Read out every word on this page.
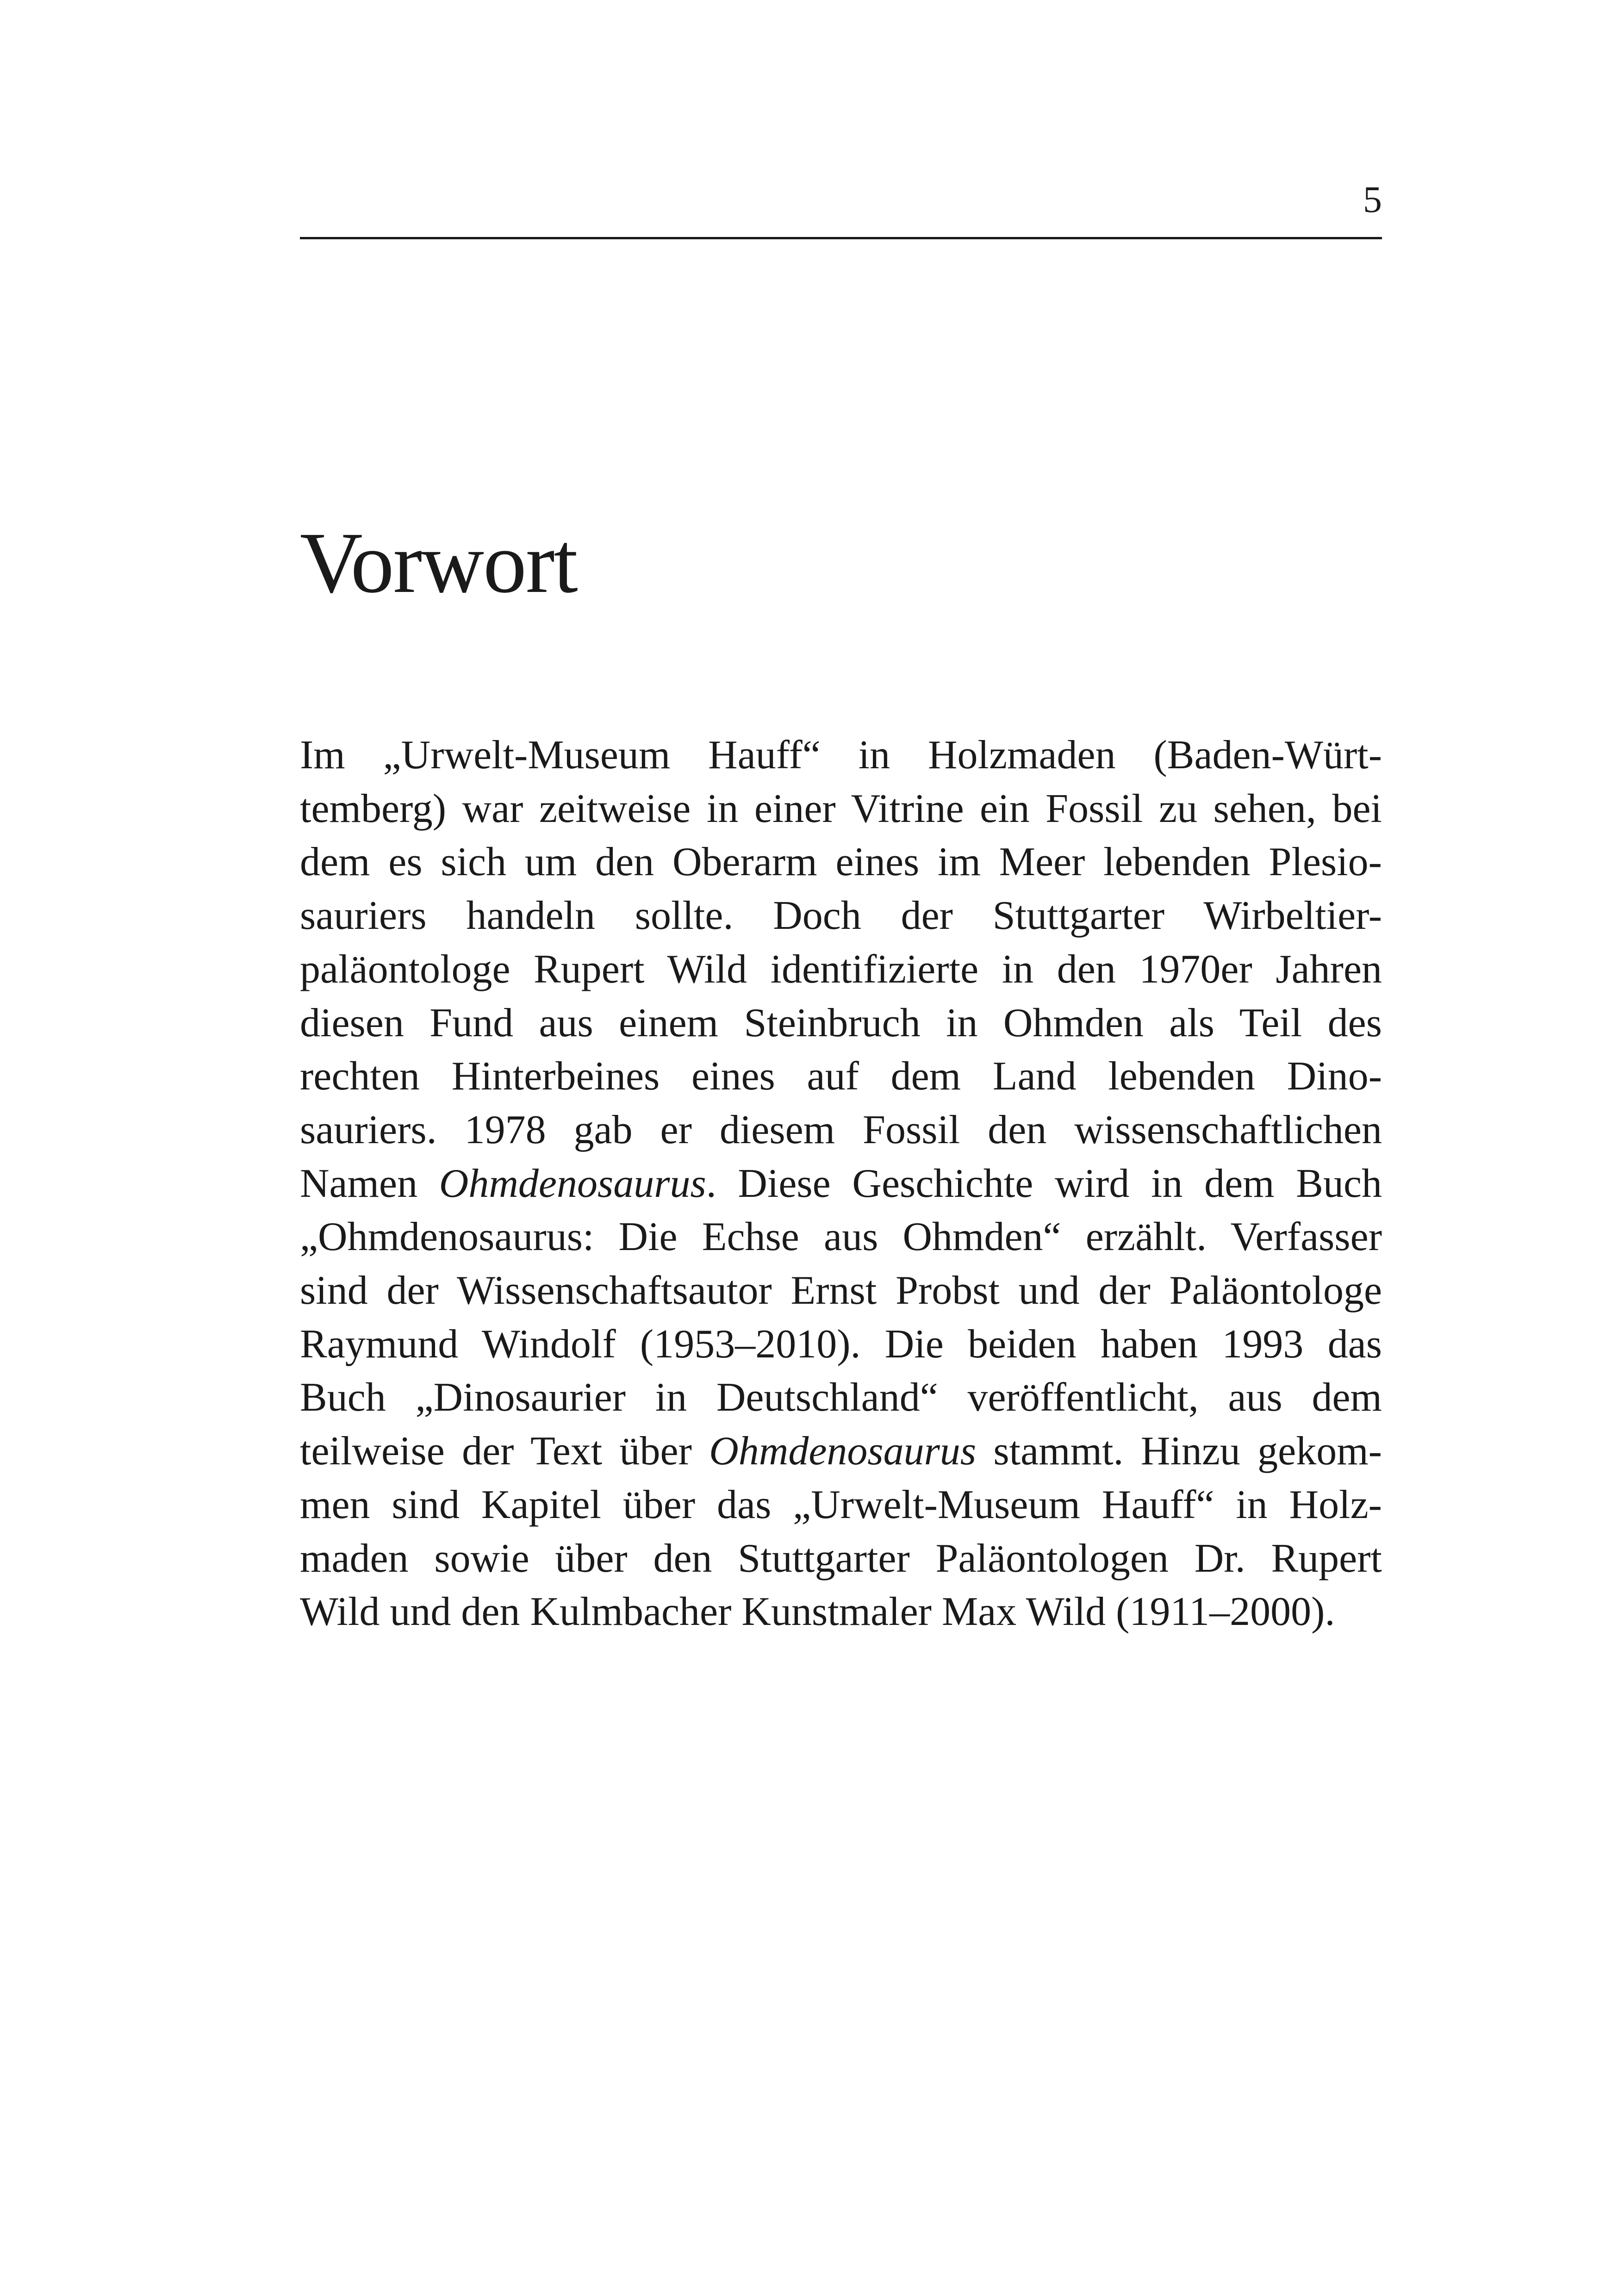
5
Vorwort
Im „Urwelt-Museum Hauff“ in Holzmaden (Baden-Würt-
temberg) war zeitweise in einer Vitrine ein Fossil zu sehen, bei
dem es sich um den Oberarm eines im Meer lebenden Plesio-
sauriers handeln sollte. Doch der Stuttgarter Wirbeltier-
paläontologe Rupert Wild identifizierte in den 1970er Jahren
diesen Fund aus einem Steinbruch in Ohmden als Teil des
rechten Hinterbeines eines auf dem Land lebenden Dino-
sauriers. 1978 gab er diesem Fossil den wissenschaftlichen
Namen Ohmdenosaurus. Diese Geschichte wird in dem Buch
„Ohmdenosaurus: Die Echse aus Ohmden“ erzählt. Verfasser
sind der Wissenschaftsautor Ernst Probst und der Paläontologe
Raymund Windolf (1953–2010). Die beiden haben 1993 das
Buch „Dinosaurier in Deutschland“ veröffentlicht, aus dem
teilweise der Text über Ohmdenosaurus stammt. Hinzu gekom-
men sind Kapitel über das „Urwelt-Museum Hauff“ in Holz-
maden sowie über den Stuttgarter Paläontologen Dr. Rupert
Wild und den Kulmbacher Kunstmaler Max Wild (1911–2000).
